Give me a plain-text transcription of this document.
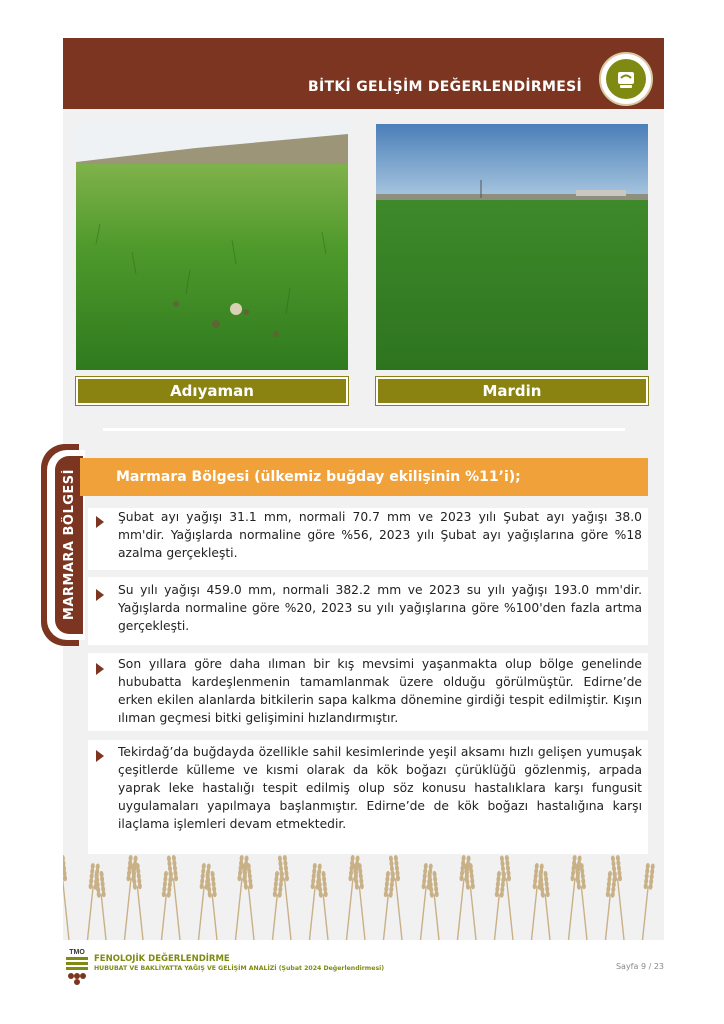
BİTKİ GELİŞİM DEĞERLENDİRMESİ
Adıyaman	Mardin
MARMARA BÖLGESİ	Marmara Bölgesi (ülkemiz buğday ekilişinin %11’i);

Şubat ayı yağışı 31.1 mm, normali 70.7 mm ve 2023 yılı Şubat ayı yağışı 38.0 mm'dir. Yağışlarda normaline göre %56, 2023 yılı Şubat ayı yağışlarına göre %18 azalma gerçekleşti.

Su yılı yağışı 459.0 mm, normali 382.2 mm ve 2023 su yılı yağışı 193.0 mm'dir. Yağışlarda normaline göre %20, 2023 su yılı yağışlarına göre %100'den fazla artma gerçekleşti.

Son yıllara göre daha ılıman bir kış mevsimi yaşanmakta olup bölge genelinde hububatta kardeşlenmenin tamamlanmak üzere olduğu görülmüştür. Edirne’de erken ekilen alanlarda bitkilerin sapa kalkma dönemine girdiği tespit edilmiştir. Kışın ılıman geçmesi bitki gelişimini hızlandırmıştır.

Tekirdağ’da buğdayda özellikle sahil kesimlerinde yeşil aksamı hızlı gelişen yumuşak çeşitlerde külleme ve kısmi olarak da kök boğazı çürüklüğü gözlenmiş, arpada yaprak leke hastalığı tespit edilmiş olup söz konusu hastalıklara karşı fungusit uygulamaları yapılmaya başlanmıştır. Edirne’de de kök boğazı hastalığına karşı ilaçlama işlemleri devam etmektedir.

TMO
FENOLOJİK DEĞERLENDİRME
HUBUBAT VE BAKLİYATTA YAĞIŞ VE GELİŞİM ANALİZİ (Şubat 2024 Değerlendirmesi)	Sayfa 9 / 23
